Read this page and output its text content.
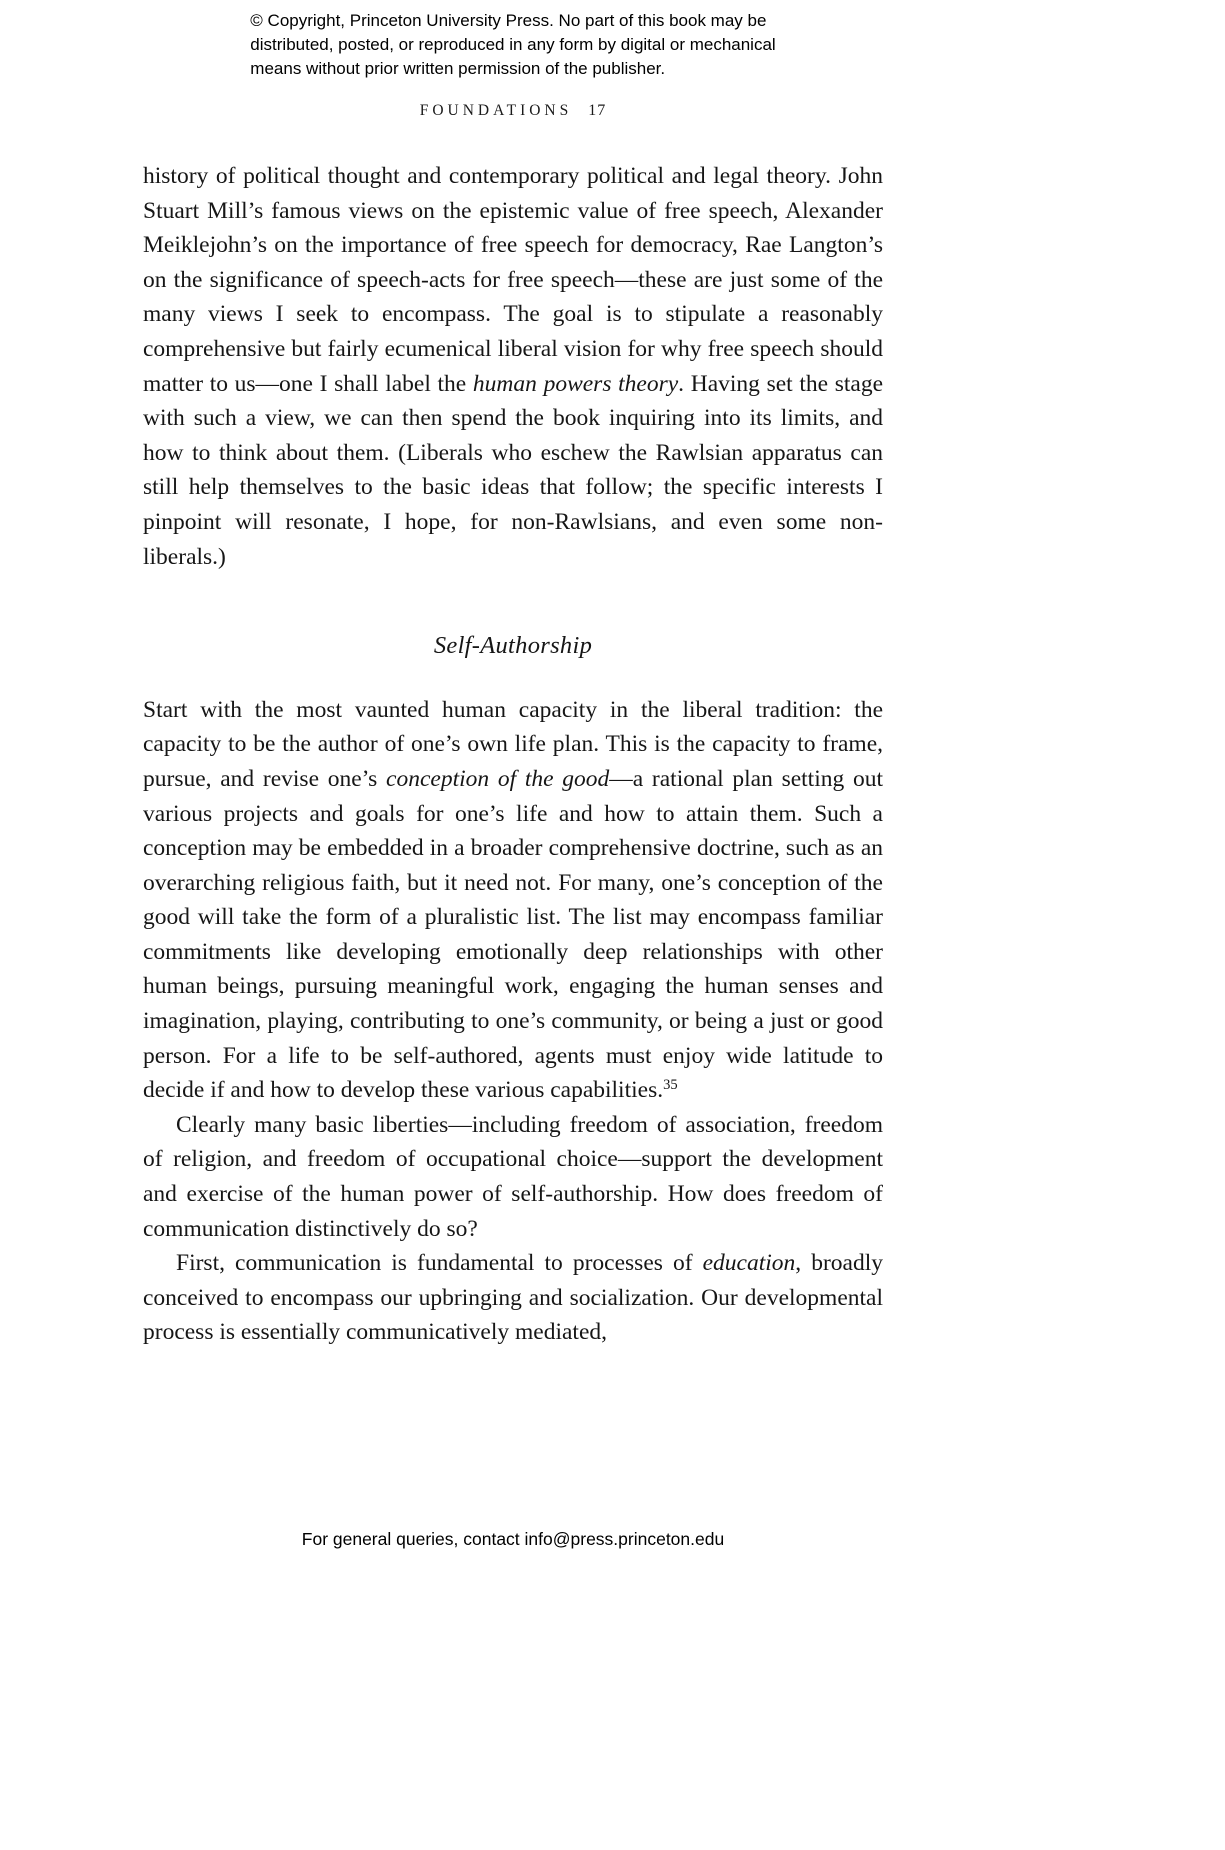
© Copyright, Princeton University Press. No part of this book may be
distributed, posted, or reproduced in any form by digital or mechanical
means without prior written permission of the publisher.
FOUNDATIONS 17

history of political thought and contemporary political and legal theory. John Stuart Mill’s famous views on the epistemic value of free speech, Alexander Meiklejohn’s on the importance of free speech for democracy, Rae Langton’s on the significance of speech-acts for free speech—these are just some of the many views I seek to encompass. The goal is to stipulate a reasonably comprehensive but fairly ecumenical liberal vision for why free speech should matter to us—one I shall label the human powers theory. Having set the stage with such a view, we can then spend the book inquiring into its limits, and how to think about them. (Liberals who eschew the Rawlsian apparatus can still help themselves to the basic ideas that follow; the specific interests I pinpoint will resonate, I hope, for non-Rawlsians, and even some non-liberals.)

Self-Authorship

Start with the most vaunted human capacity in the liberal tradition: the capacity to be the author of one’s own life plan. This is the capacity to frame, pursue, and revise one’s conception of the good—a rational plan setting out various projects and goals for one’s life and how to attain them. Such a conception may be embedded in a broader comprehensive doctrine, such as an overarching religious faith, but it need not. For many, one’s conception of the good will take the form of a pluralistic list. The list may encompass familiar commitments like developing emotionally deep relationships with other human beings, pursuing meaningful work, engaging the human senses and imagination, playing, contributing to one’s community, or being a just or good person. For a life to be self-authored, agents must enjoy wide latitude to decide if and how to develop these various capabilities.$^{35}$

Clearly many basic liberties—including freedom of association, freedom of religion, and freedom of occupational choice—support the development and exercise of the human power of self-authorship. How does freedom of communication distinctively do so?

First, communication is fundamental to processes of education, broadly conceived to encompass our upbringing and socialization. Our developmental process is essentially communicatively mediated,

For general queries, contact info@press.princeton.edu
